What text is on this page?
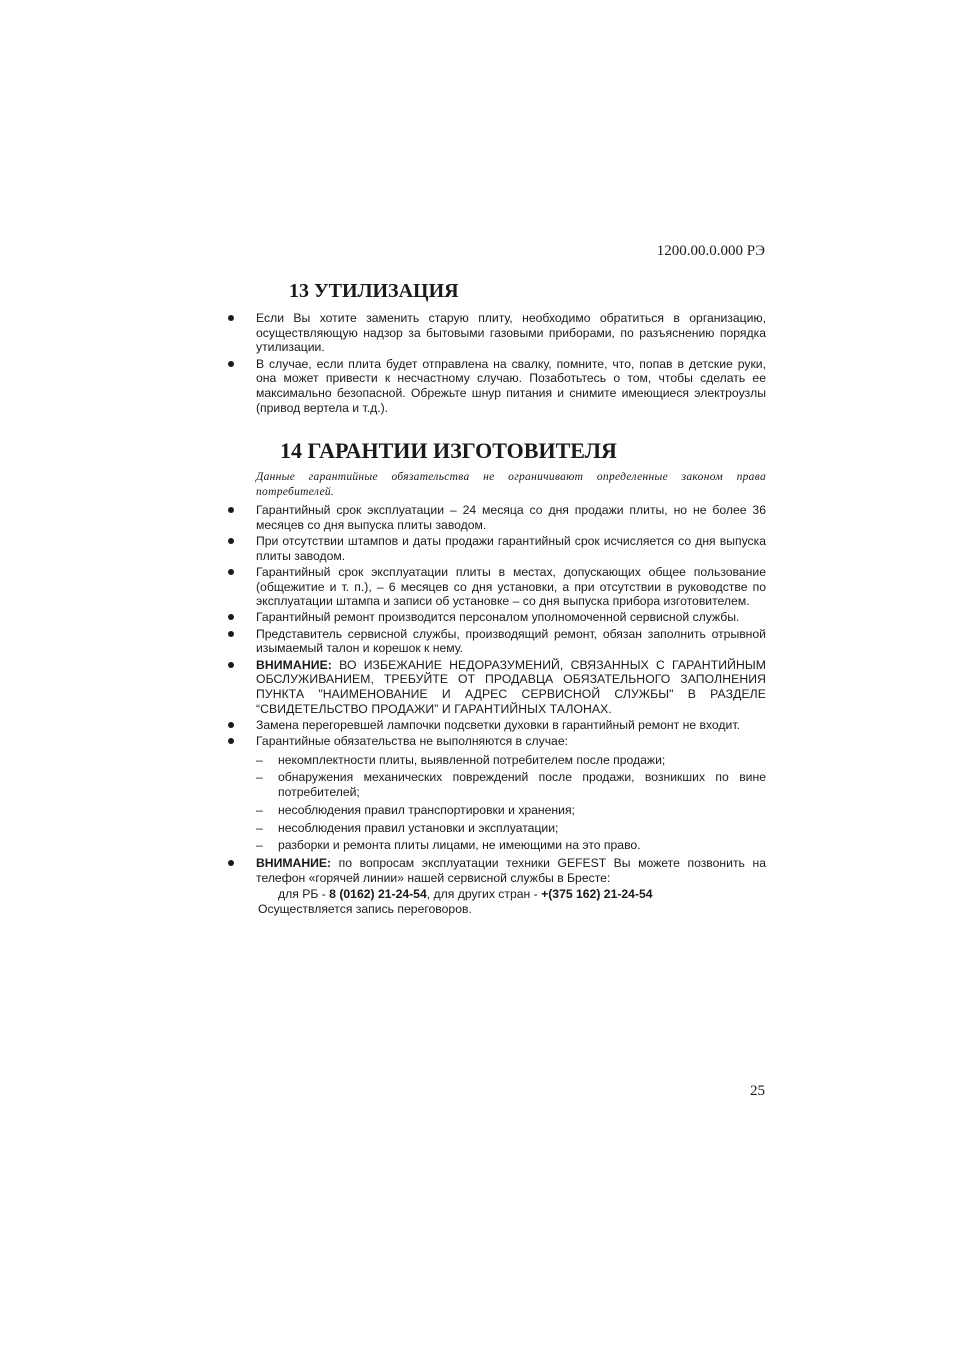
1200.00.0.000 РЭ
13 УТИЛИЗАЦИЯ
Если Вы хотите заменить старую плиту, необходимо обратиться в организацию, осуществляющую надзор за бытовыми газовыми приборами, по разъяснению порядка утилизации.
В случае, если плита будет отправлена на свалку, помните, что, попав в детские руки, она может привести к несчастному случаю. Позаботьтесь о том, чтобы сделать ее максимально безопасной. Обрежьте шнур питания и снимите имеющиеся электроузлы (привод вертела и т.д.).
14 ГАРАНТИИ ИЗГОТОВИТЕЛЯ

Данные гарантийные обязательства не ограничивают определенные законом права потребителей.

Гарантийный срок эксплуатации – 24 месяца со дня продажи плиты, но не более 36 месяцев со дня выпуска плиты заводом.
При отсутствии штампов и даты продажи гарантийный срок исчисляется со дня выпуска плиты заводом.
Гарантийный срок эксплуатации плиты в местах, допускающих общее пользование (общежитие и т. п.), – 6 месяцев со дня установки, а при отсутствии в руководстве по эксплуатации штампа и записи об установке – со дня выпуска прибора изготовителем.
Гарантийный ремонт производится персоналом уполномоченной сервисной службы.
Представитель сервисной службы, производящий ремонт, обязан заполнить отрывной изымаемый талон и корешок к нему.
ВНИМАНИЕ: ВО ИЗБЕЖАНИЕ НЕДОРАЗУМЕНИЙ, СВЯЗАННЫХ С ГАРАНТИЙНЫМ ОБСЛУЖИВАНИЕМ, ТРЕБУЙТЕ ОТ ПРОДАВЦА ОБЯЗАТЕЛЬНОГО ЗАПОЛНЕНИЯ ПУНКТА "НАИМЕНОВАНИЕ И АДРЕС СЕРВИСНОЙ СЛУЖБЫ" В РАЗДЕЛЕ “СВИДЕТЕЛЬСТВО ПРОДАЖИ” И ГАРАНТИЙНЫХ ТАЛОНАХ.
Замена перегоревшей лампочки подсветки духовки в гарантийный ремонт не входит.
Гарантийные обязательства не выполняются в случае:
– некомплектности плиты, выявленной потребителем после продажи;
– обнаружения механических повреждений после продажи, возникших по вине потребителей;
– несоблюдения правил транспортировки и хранения;
– несоблюдения правил установки и эксплуатации;
– разборки и ремонта плиты лицами, не имеющими на это право.
ВНИМАНИЕ: по вопросам эксплуатации техники GEFEST Вы можете позвонить на телефон «горячей линии» нашей сервисной службы в Бресте:
для РБ - 8 (0162) 21-24-54, для других стран - +(375 162) 21-24-54
Осуществляется запись переговоров.
25
